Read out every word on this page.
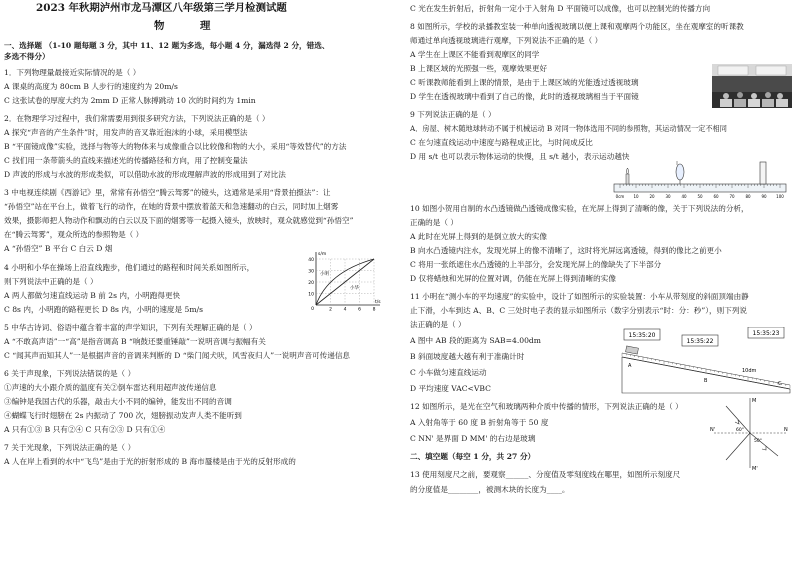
2023 年秋期泸州市龙马潭区八年级第三学月检测试题
物 理
一、选择题 （1-10 题每题 3 分，其中 11、12 题为多选，每小题 4 分，漏选得 2 分，错选、
多选不得分）
1．下列物理量最接近实际情况的是（ ）
A 课桌的高度为 80cm B 人步行的速度约为 20m/s
C 这张试卷的厚度大约为 2mm D 正常人脉搏跳动 10 次的时间约为 1min
2．在物理学习过程中，我们常需要用到很多研究方法，下列说法正确的是（ ）
A 探究“声音的产生条件”时，用发声的音叉靠近泡沫的小球，采用模型法
B “平面镜成像”实验，选择与物等大的物体来与成像重合以比较像和物的大小，采用“等效替代”的方法
C 找们用一条带箭头的直线来描述光的传播路径和方向，用了控制变量法
D 声波的形成与水波的形成类似，可以借助水波的形成理解声波的形成用到了对比法
3 中电视连续剧《西游记》里，常常有孙悟空“腾云驾雾”的镜头，这通常是采用“背景拍摄法”：让
“孙悟空”站在平台上，做着飞行的动作，在她的背景中摆放着蓝天和急速翻动的白云，同时加上烟雾
效果，摄影师把人物动作和飘动的白云以及下面的烟雾等一起摄入镜头，放映时，观众就感觉到“孙悟空”
在“腾云驾雾”，观众所选的参照物是（ ）
A “孙悟空” B 平台 C 白云 D 烟
4 小明和小华在操场上沿直线跑步，他们通过的路程和时间关系如图所示，
则下列说法中正确的是（ ）
A 两人都做匀速直线运动 B 前 2s 内，小明跑得更快
C 8s 内，小明跑的路程更长 D 8s 内，小明的速度是 5m/s
5 中华古诗词、俗语中蕴含着丰富的声学知识，下列有关理解正确的是（ ）
A “不敢高声语”一“高”是指音调高 B “响鼓还要重锤敲”一说明音调与振幅有关
C “闻其声而知其人”一是根据声音的音调来判断的 D “柴门闻犬吠，风雪夜归人”一说明声音可传递信息
6 关于声现象，下列说法错误的是（ ）
①声速的大小跟介质的温度有关②倒车雷达利用超声波传递信息
③编钟是我国古代的乐器，敲击大小不同的编钟，能发出不同的音调
④蝴蝶飞行时翅膀在 2s 内振动了 700 次，翅膀振动发声人类不能听到
A 只有①③ B 只有②④ C 只有②③ D 只有①④
7 关于光现象，下列说法正确的是（ ）
A 人在岸上看到的水中“飞鸟”是由于光的折射形成的 B 海市蜃楼是由于光的反射形成的
40
30
20
10
0	2	4	6	8
s/m
t/s
小明
小华
C 光在发生折射后，折射角一定小于入射角 D 平面镜可以成像，也可以控制光的传播方向
8 如图所示，学校的录播教室装一种单向透视玻璃以便上课和观摩两个功能区，坐在观摩室的听课教
师通过单向透视玻璃进行观摩，下列说法不正确的是（ ）
A 学生在上课区不能看到观摩区的同学
B 上课区域的光照强一些，观摩效果更好
C 听课教师能看到上课的情景，是由于上课区域的光能透过透视玻璃
D 学生在透视玻璃中看到了自己的像，此时的透视玻璃相当于平面镜
9 下列说法正确的是（ ）
A．房屋、树木随地球转动不属于机械运动 B 对同一物体选用不同的参照物，其运动情况一定不相同
C 在匀速直线运动中速度与路程成正比，与时间成反比
D 用 s/t 也可以表示物体运动的快慢，且 s/t 越小，表示运动越快
10 如图小贺用自制的水凸透镜做凸透镜成像实验，在光屏上得到了清晰的像，关于下列说法的分析，
正确的是（ ）
A 此时在光屏上得到的是倒立放大的实像
B 向水凸透镜内注水，发现光屏上的像不清晰了，这时将光屏远离透镜，得到的像比之前更小
C 将用一张纸遮住水凸透镜的上半部分，会发现光屏上的像缺失了下半部分
D 仅将蜡烛和光屏的位置对调，仍能在光屏上得到清晰的实像
11 小明在“测小车的平均速度”的实验中，设计了如图所示的实验装置：小车从带刻度的斜面顶端由静
止下滑，小车到达 A、B、C 三处时电子表的显示如图所示（数字分别表示“时：分：秒”），则下列说
法正确的是（ ）
A 图中 AB 段的距离为 SAB=4.00dm
B 斜面坡度越大越有利于准确计时
C 小车做匀速直线运动
D 平均速度 VAC<VBC
12 如图所示，是光在空气和玻璃两种介质中传播的情形，下列说法正确的是（ ）
A 入射角等于 60 度 B 折射角等于 50 度
C NN' 是界面 D MM' 的右边是玻璃
二、填空题（每空 1 分，共 27 分）
13 使用刻度尺之前，要观察______、分度值及零刻度线在哪里，如图所示刻度尺
的分度值是________，被测木块的长度为____。
0cm 10	20	30	40	50	60	70	80	90 100
15:35:20
15:35:22
15:35:23
A
B	C
10dm
M
M'
N
N'	60°
50°
